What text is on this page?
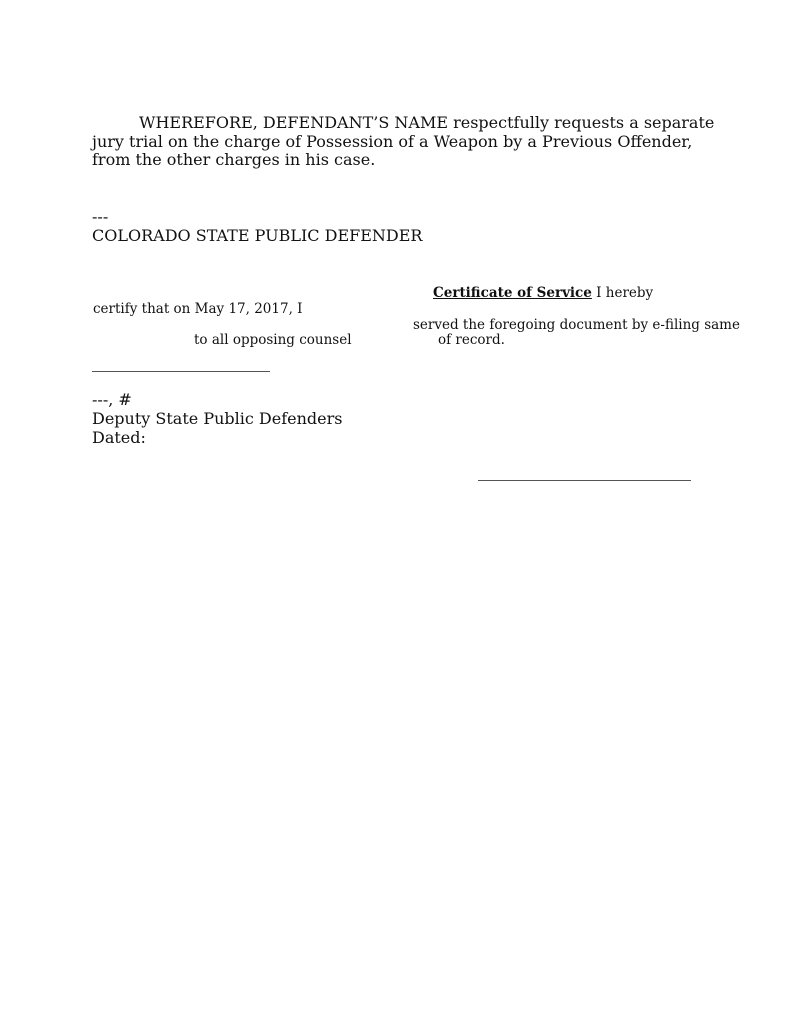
WHEREFORE, DEFENDANT’S NAME respectfully requests a separate
jury trial on the charge of Possession of a Weapon by a Previous Offender,
from the other charges in his case.
---
COLORADO STATE PUBLIC DEFENDER
Certificate of Service I hereby
certify that on May 17, 2017, I
served the foregoing document by e-filing same
to all opposing counsel	of record.
---, #
Deputy State Public Defenders
Dated:
